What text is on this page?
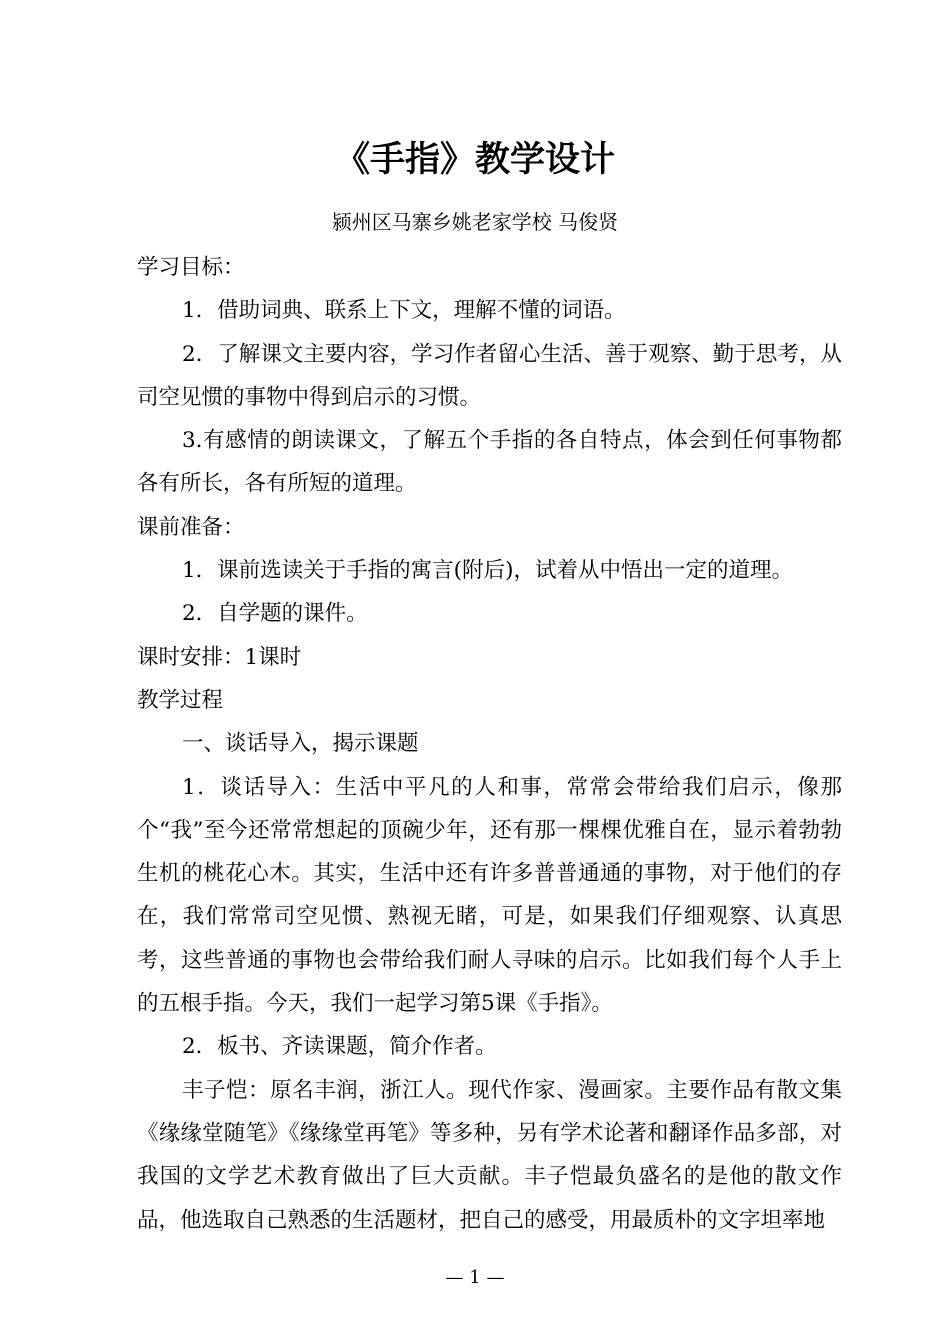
《手指》教学设计
颍州区马寨乡姚老家学校 马俊贤

学习目标：

1．借助词典、联系上下文，理解不懂的词语。

2．了解课文主要内容，学习作者留心生活、善于观察、勤于思考，从司空见惯的事物中得到启示的习惯。

3.有感情的朗读课文，了解五个手指的各自特点，体会到任何事物都各有所长，各有所短的道理。

课前准备：

1．课前选读关于手指的寓言(附后)，试着从中悟出一定的道理。

2．自学题的课件。

课时安排：1课时

教学过程

一、谈话导入，揭示课题

1．谈话导入：生活中平凡的人和事，常常会带给我们启示，像那个“我”至今还常常想起的顶碗少年，还有那一棵棵优雅自在，显示着勃勃生机的桃花心木。其实，生活中还有许多普普通通的事物，对于他们的存在，我们常常司空见惯、熟视无睹，可是，如果我们仔细观察、认真思考，这些普通的事物也会带给我们耐人寻味的启示。比如我们每个人手上的五根手指。今天，我们一起学习第5课《手指》。

2．板书、齐读课题，简介作者。

丰子恺：原名丰润，浙江人。现代作家、漫画家。主要作品有散文集《缘缘堂随笔》《缘缘堂再笔》等多种，另有学术论著和翻译作品多部，对我国的文学艺术教育做出了巨大贡献。丰子恺最负盛名的是他的散文作品，他选取自己熟悉的生活题材，把自己的感受，用最质朴的文字坦率地

— 1 —
